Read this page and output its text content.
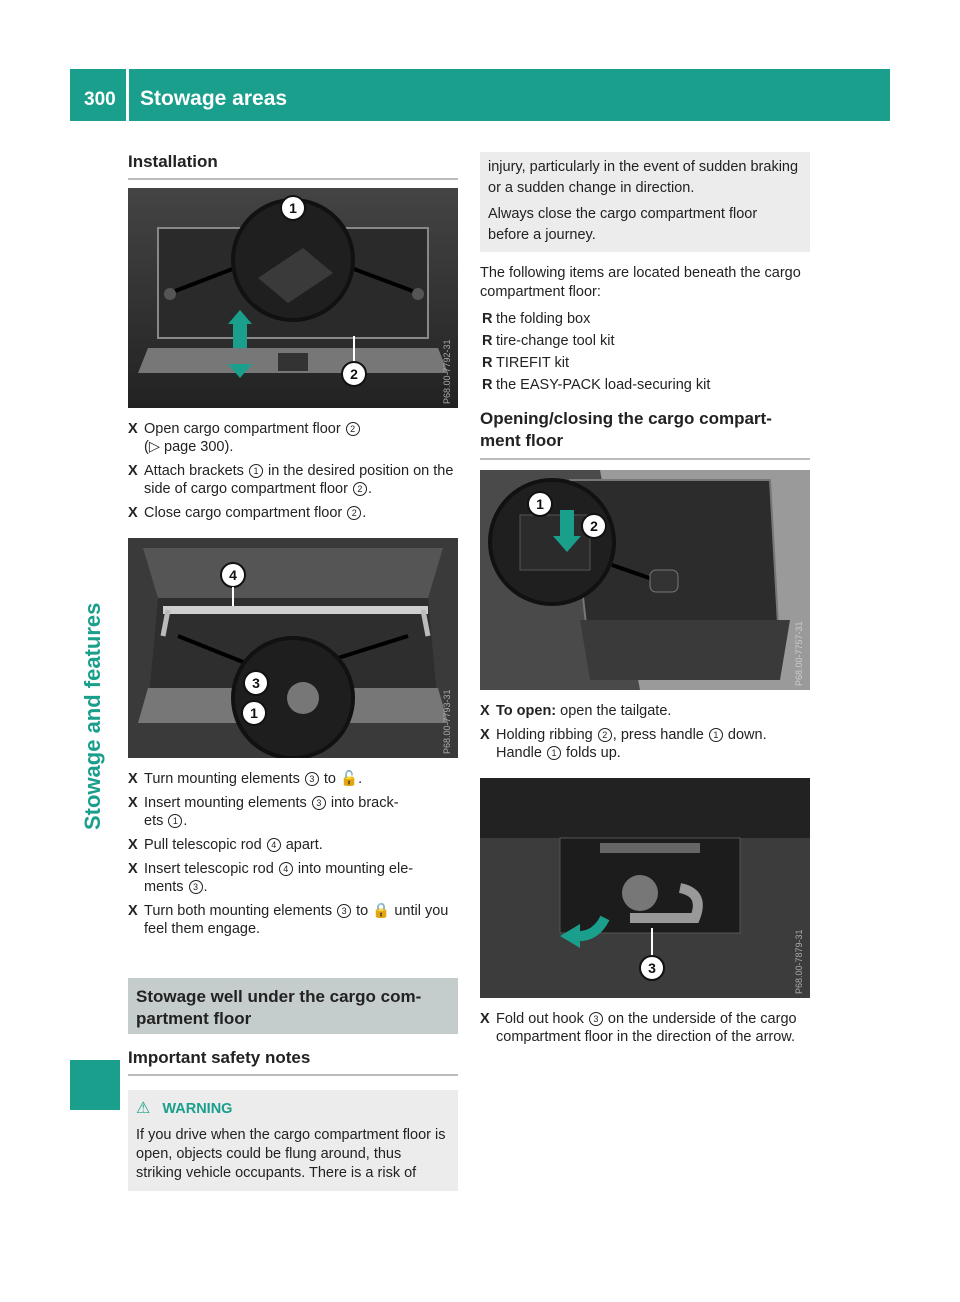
300 Stowage areas
Stowage and features
Installation
1
2	P68.00-7792-31
X Open cargo compartment floor 2
(▷ page 300).
X Attach brackets 1 in the desired position on the side of cargo compartment floor 2 .
X Close cargo compartment floor 2 .
4
3
1	P68.00-7793-31
X Turn mounting elements 3 to 🔓.
X Insert mounting elements 3 into brack-
ets 1 .
X Pull telescopic rod 4 apart.
X Insert telescopic rod 4 into mounting ele-
ments 3 .
X Turn both mounting elements 3 to 🔒 until you feel them engage.
Stowage well under the cargo com-
partment floor
Important safety notes
⚠ WARNING

If you drive when the cargo compartment floor is open, objects could be flung around, thus striking vehicle occupants. There is a risk of

injury, particularly in the event of sudden braking or a sudden change in direction.

Always close the cargo compartment floor before a journey.

The following items are located beneath the cargo compartment floor:

R the folding box
R tire-change tool kit
R TIREFIT kit
R the EASY-PACK load-securing kit
Opening/closing the cargo compart-
ment floor
1
2
P68.00-7757-31
X To open: open the tailgate.
X Holding ribbing 2 , press handle 1 down.
Handle 1 folds up.
3	P68.00-7879-31
X Fold out hook 3 on the underside of the cargo compartment floor in the direction of the arrow.
